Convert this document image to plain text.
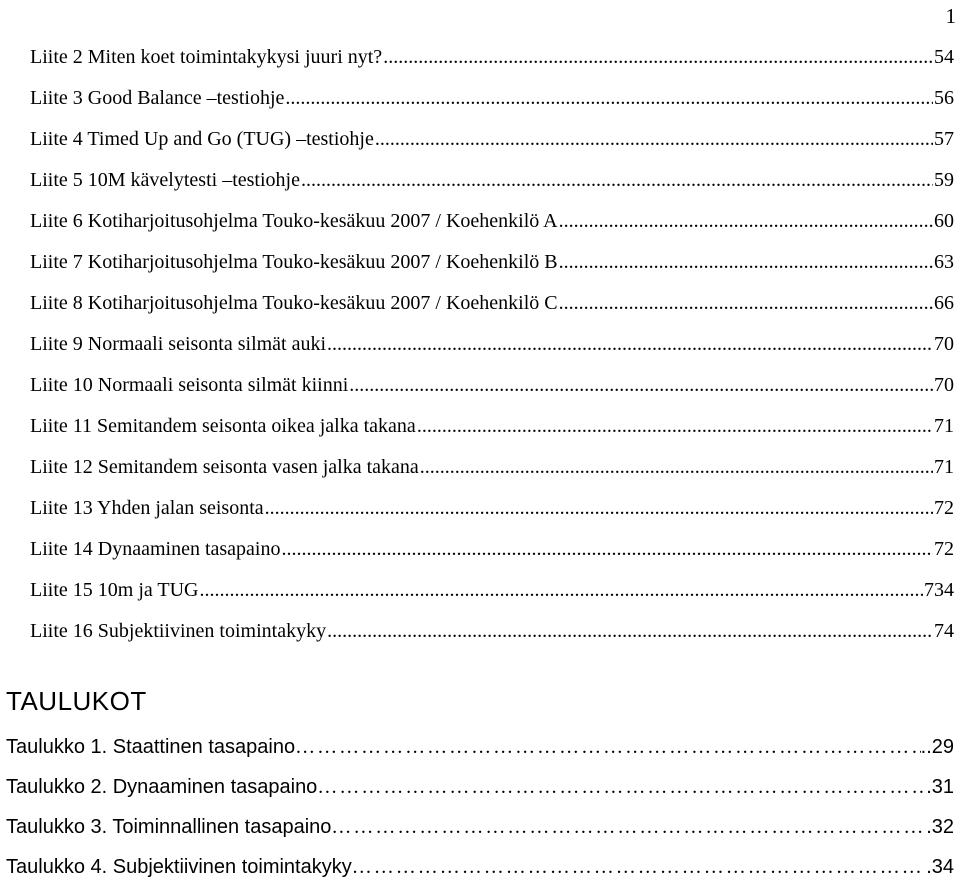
1
Liite 2 Miten koet toimintakykysi juuri nyt? .....	54
Liite 3 Good Balance –testiohje .....	56
Liite 4 Timed Up and Go (TUG) –testiohje .....	57
Liite 5 10M kävelytesti –testiohje .....	59
Liite 6 Kotiharjoitusohjelma Touko-kesäkuu 2007 / Koehenkilö A .....	60
Liite 7 Kotiharjoitusohjelma Touko-kesäkuu 2007 / Koehenkilö B .....	63
Liite 8 Kotiharjoitusohjelma Touko-kesäkuu 2007 / Koehenkilö C .....	66
Liite 9 Normaali seisonta silmät auki .....	70
Liite 10 Normaali seisonta silmät kiinni .....	70
Liite 11 Semitandem seisonta oikea jalka takana .....	71
Liite 12 Semitandem seisonta vasen jalka takana .....	71
Liite 13 Yhden jalan seisonta .....	72
Liite 14 Dynaaminen tasapaino .....	72
Liite 15 10m ja TUG .....	734
Liite 16 Subjektiivinen toimintakyky .....	74
TAULUKOT
Taulukko 1. Staattinen tasapaino …………………………………………………………………………………………………………………………………………………………………………………………………………	..29
Taulukko 2. Dynaaminen tasapaino …………………………………………………………………………………………………………………………………………………………………………………………………………	.31
Taulukko 3. Toiminnallinen tasapaino …………………………………………………………………………………………………………………………………………………………………………………………………………	.32
Taulukko 4. Subjektiivinen toimintakyky …………………………………………………………………………………………………………………………………………………………………………………………………………	.34
